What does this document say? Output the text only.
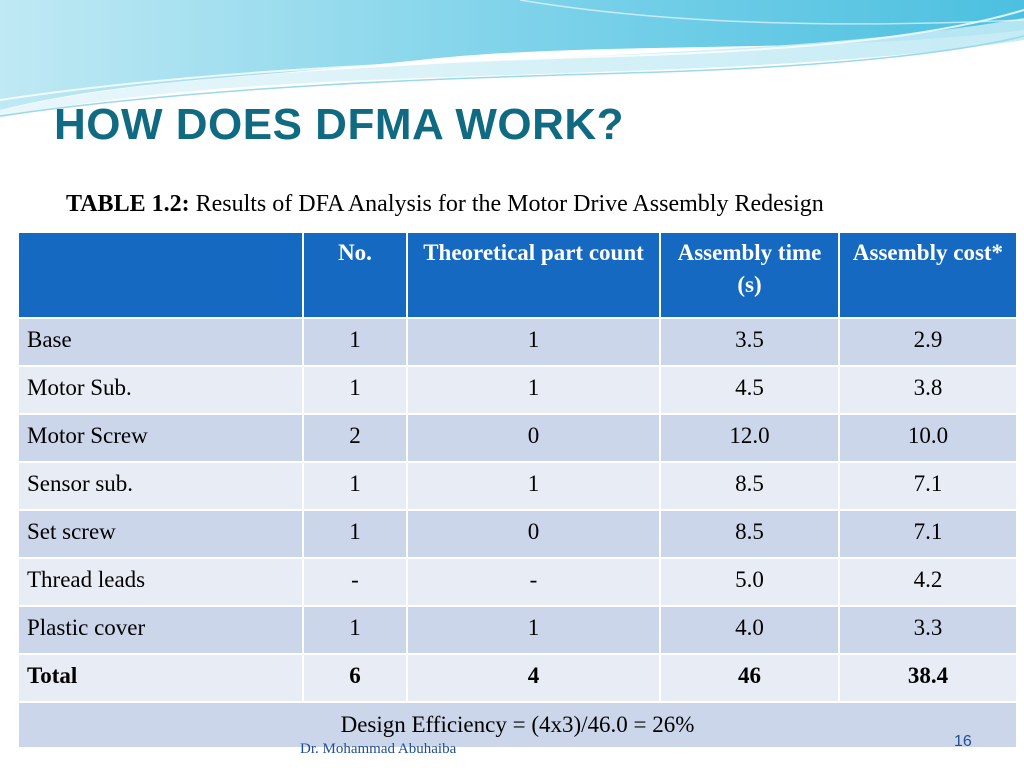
HOW DOES DFMA WORK?
TABLE 1.2: Results of DFA Analysis for the Motor Drive Assembly Redesign
	No.	Theoretical part count	Assembly time (s)	Assembly cost*
Base	1	1	3.5	2.9
Motor Sub.	1	1	4.5	3.8
Motor Screw	2	0	12.0	10.0
Sensor sub.	1	1	8.5	7.1
Set screw	1	0	8.5	7.1
Thread leads	-	-	5.0	4.2
Plastic cover	1	1	4.0	3.3
Total	6	4	46	38.4
Design Efficiency = (4x3)/46.0 = 26%				
Dr. Mohammad Abuhaiba	16
